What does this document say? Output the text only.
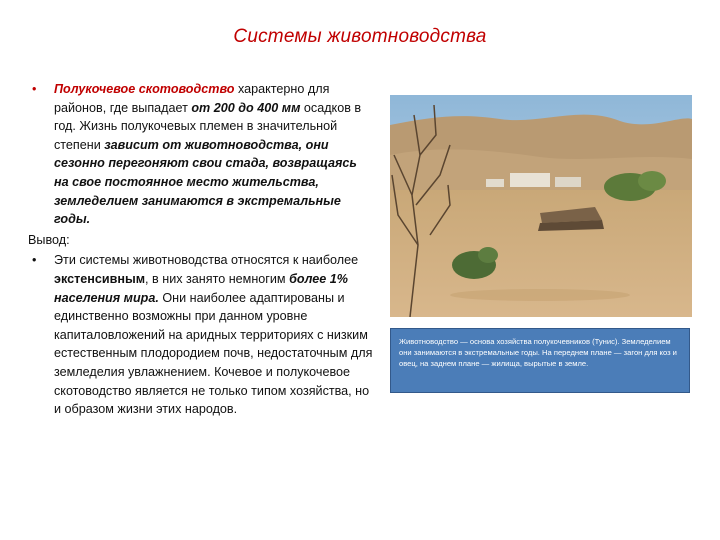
Системы животноводства
• Полукочевое скотоводство характерно для районов, где выпадает от 200 до 400 мм осадков в год. Жизнь полукочевых племен в значительной степени зависит от животноводства, они сезонно перегоняют свои стада, возвращаясь на свое постоянное место жительства, земледелием занимаются в экстремальные годы.
Вывод:
• Эти системы животноводства относятся к наиболее экстенсивным, в них занято немногим более 1% населения мира. Они наиболее адаптированы и единственно возможны при данном уровне капиталовложений на аридных территориях с низким естественным плодородием почв, недостаточным для земледелия увлажнением. Кочевое и полукочевое скотоводство является не только типом хозяйства, но и образом жизни этих народов.
Животноводство — основа хозяйства полукочевников (Тунис). Земледелием они занимаются в экстремальные годы. На переднем плане — загон для коз и овец, на заднем плане — жилища, вырытые в земле.
